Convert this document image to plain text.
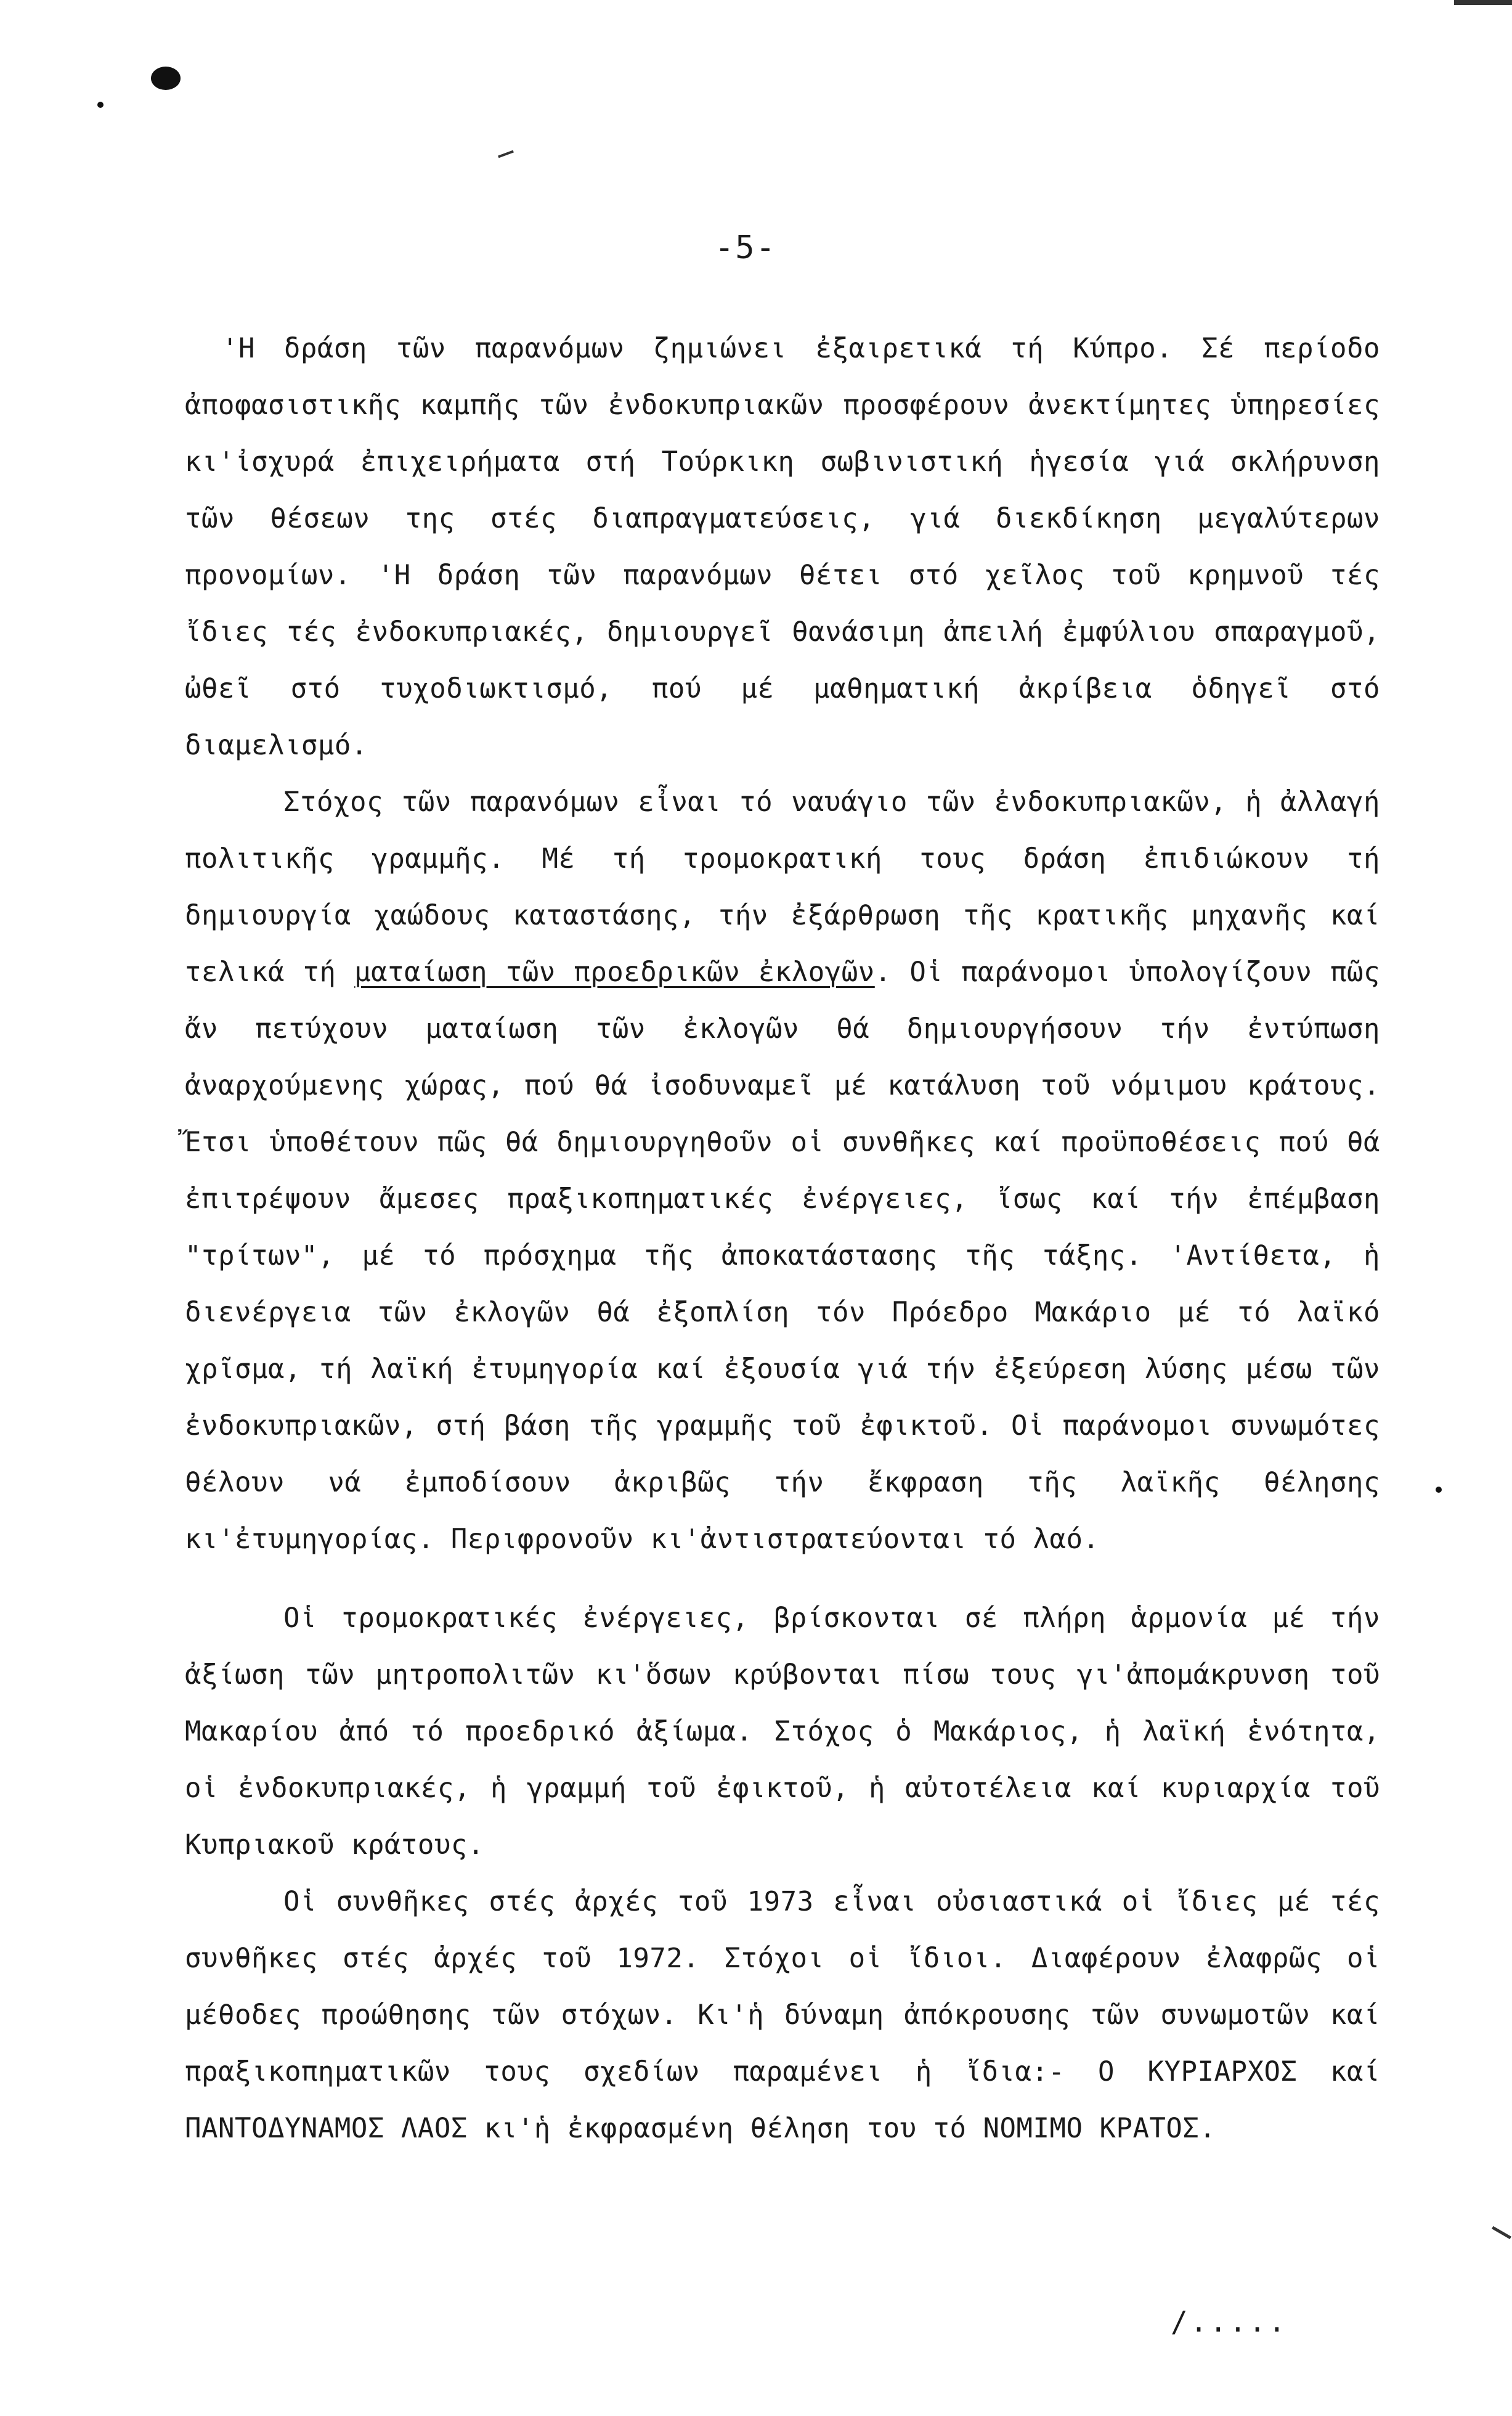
-5-

'Η δράση τῶν παρανόμων ζημιώνει ἐξαιρετικά τή Κύπρο. Σέ περίοδο ἀποφασιστικῆς καμπῆς τῶν ἐνδοκυπριακῶν προσφέρουν ἀνεκτίμητες ὑπηρεσίες κι'ἰσχυρά ἐπιχειρήματα στή Τούρκικη σωβινιστική ἡγεσία γιά σκλήρυνση τῶν θέσεων της στές διαπραγματεύσεις, γιά διεκδίκηση μεγαλύτερων προνομίων. 'Η δράση τῶν παρανόμων θέτει στό χεῖλος τοῦ κρημνοῦ τές ἴδιες τές ἐνδοκυπριακές, δημιουργεῖ θανάσιμη ἀπειλή ἐμφύλιου σπαραγμοῦ, ὠθεῖ στό τυχοδιωκτισμό, πού μέ μαθηματική ἀκρίβεια ὁδηγεῖ στό διαμελισμό.

Στόχος τῶν παρανόμων εἶναι τό ναυάγιο τῶν ἐνδοκυπριακῶν, ἡ ἀλλαγή πολιτικῆς γραμμῆς. Μέ τή τρομοκρατική τους δράση ἐπιδιώκουν τή δημιουργία χαώδους καταστάσης, τήν ἐξάρθρωση τῆς κρατικῆς μηχανῆς καί τελικά τή ματαίωση τῶν προεδρικῶν ἐκλογῶν. Οἱ παράνομοι ὑπολογίζουν πῶς ἄν πετύχουν ματαίωση τῶν ἐκλογῶν θά δημιουργήσουν τήν ἐντύπωση ἀναρχούμενης χώρας, πού θά ἰσοδυναμεῖ μέ κατάλυση τοῦ νόμιμου κράτους. Ἔτσι ὑποθέτουν πῶς θά δημιουργηθοῦν οἱ συνθῆκες καί προϋποθέσεις πού θά ἐπιτρέψουν ἄμεσες πραξικοπηματικές ἐνέργειες, ἴσως καί τήν ἐπέμβαση "τρίτων", μέ τό πρόσχημα τῆς ἀποκατάστασης τῆς τάξης. 'Αντίθετα, ἡ διενέργεια τῶν ἐκλογῶν θά ἐξοπλίση τόν Πρόεδρο Μακάριο μέ τό λαϊκό χρῖσμα, τή λαϊκή ἐτυμηγορία καί ἐξουσία γιά τήν ἐξεύρεση λύσης μέσω τῶν ἐνδοκυπριακῶν, στή βάση τῆς γραμμῆς τοῦ ἐφικτοῦ. Οἱ παράνομοι συνωμότες θέλουν νά ἐμποδίσουν ἀκριβῶς τήν ἔκφραση τῆς λαϊκῆς θέλησης κι'ἐτυμηγορίας. Περιφρονοῦν κι'ἀντιστρατεύονται τό λαό.

Οἱ τρομοκρατικές ἐνέργειες, βρίσκονται σέ πλήρη ἁρμονία μέ τήν ἀξίωση τῶν μητροπολιτῶν κι'ὅσων κρύβονται πίσω τους γι'ἀπομάκρυνση τοῦ Μακαρίου ἀπό τό προεδρικό ἀξίωμα. Στόχος ὁ Μακάριος, ἡ λαϊκή ἑνότητα, οἱ ἐνδοκυπριακές, ἡ γραμμή τοῦ ἐφικτοῦ, ἡ αὐτοτέλεια καί κυριαρχία τοῦ Κυπριακοῦ κράτους.

Οἱ συνθῆκες στές ἀρχές τοῦ 1973 εἶναι οὐσιαστικά οἱ ἴδιες μέ τές συνθῆκες στές ἀρχές τοῦ 1972. Στόχοι οἱ ἴδιοι. Διαφέρουν ἐλαφρῶς οἱ μέθοδες προώθησης τῶν στόχων. Κι'ἡ δύναμη ἀπόκρουσης τῶν συνωμοτῶν καί πραξικοπηματικῶν τους σχεδίων παραμένει ἡ ἴδια:- Ο ΚΥΡΙΑΡΧΟΣ καί ΠΑΝΤΟΔΥΝΑΜΟΣ ΛΑΟΣ κι'ἡ ἐκφρασμένη θέληση του τό ΝΟΜΙΜΟ ΚΡΑΤΟΣ.

/.....
